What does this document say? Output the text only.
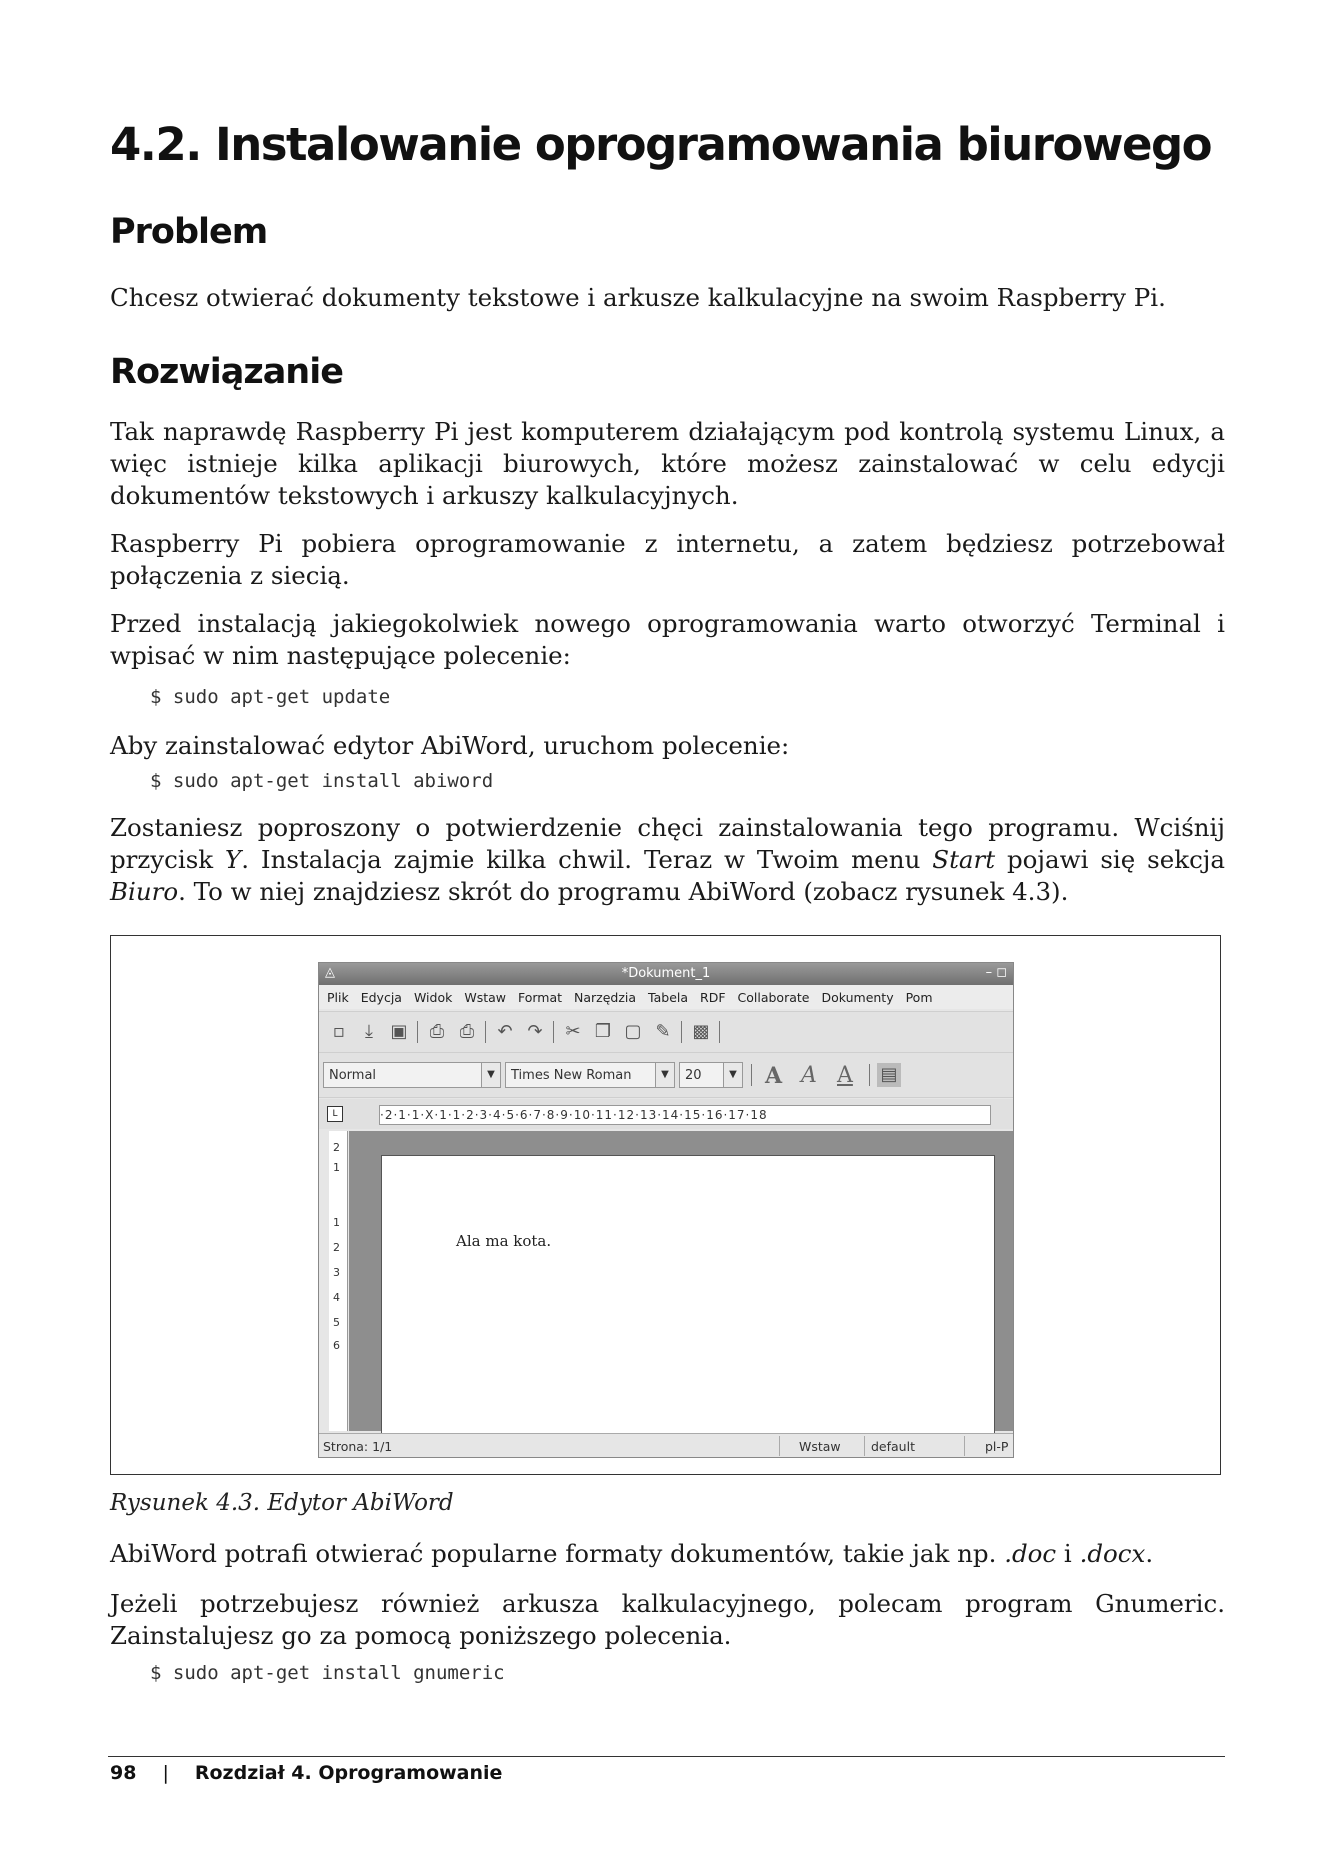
4.2. Instalowanie oprogramowania biurowego
Problem

Chcesz otwierać dokumenty tekstowe i arkusze kalkulacyjne na swoim Raspberry Pi.

Rozwiązanie

Tak naprawdę Raspberry Pi jest komputerem działającym pod kontrolą systemu Linux, a więc istnieje kilka aplikacji biurowych, które możesz zainstalować w celu edycji dokumentów tekstowych i arkuszy kalkulacyjnych.

Raspberry Pi pobiera oprogramowanie z internetu, a zatem będziesz potrzebował połączenia z siecią.

Przed instalacją jakiegokolwiek nowego oprogramowania warto otworzyć Terminal i wpisać w nim następujące polecenie:

$ sudo apt-get update

Aby zainstalować edytor AbiWord, uruchom polecenie:

$ sudo apt-get install abiword

Zostaniesz poproszony o potwierdzenie chęci zainstalowania tego programu. Wciśnij przycisk Y. Instalacja zajmie kilka chwil. Teraz w Twoim menu Start pojawi się sekcja Biuro. To w niej znajdziesz skrót do programu AbiWord (zobacz rysunek 4.3).

◬	*Dokument_1	– ◻
Plik Edycja Widok Wstaw Format Narzędzia Tabela RDF Collaborate Dokumenty Pom
▫	⤓ ▣ ⎙ ⎙ ↶ ↷ ✂ ❐ ▢ ✎ ▩
Normal	▼	Times New Roman	▼	20	▼ A A A ▤
L	·2·1·1·X·1·1·2·3·4·5·6·7·8·9·10·11·12·13·14·15·16·17·18
2
1
1
2
3
4
5
6
Ala ma kota.
Strona: 1/1	Wstaw default	pl-P

Rysunek 4.3. Edytor AbiWord

AbiWord potrafi otwierać popularne formaty dokumentów, takie jak np. .doc i .docx.

Jeżeli potrzebujesz również arkusza kalkulacyjnego, polecam program Gnumeric. Zainstalujesz go za pomocą poniższego polecenia.

$ sudo apt-get install gnumeric
98 | Rozdział 4. Oprogramowanie
